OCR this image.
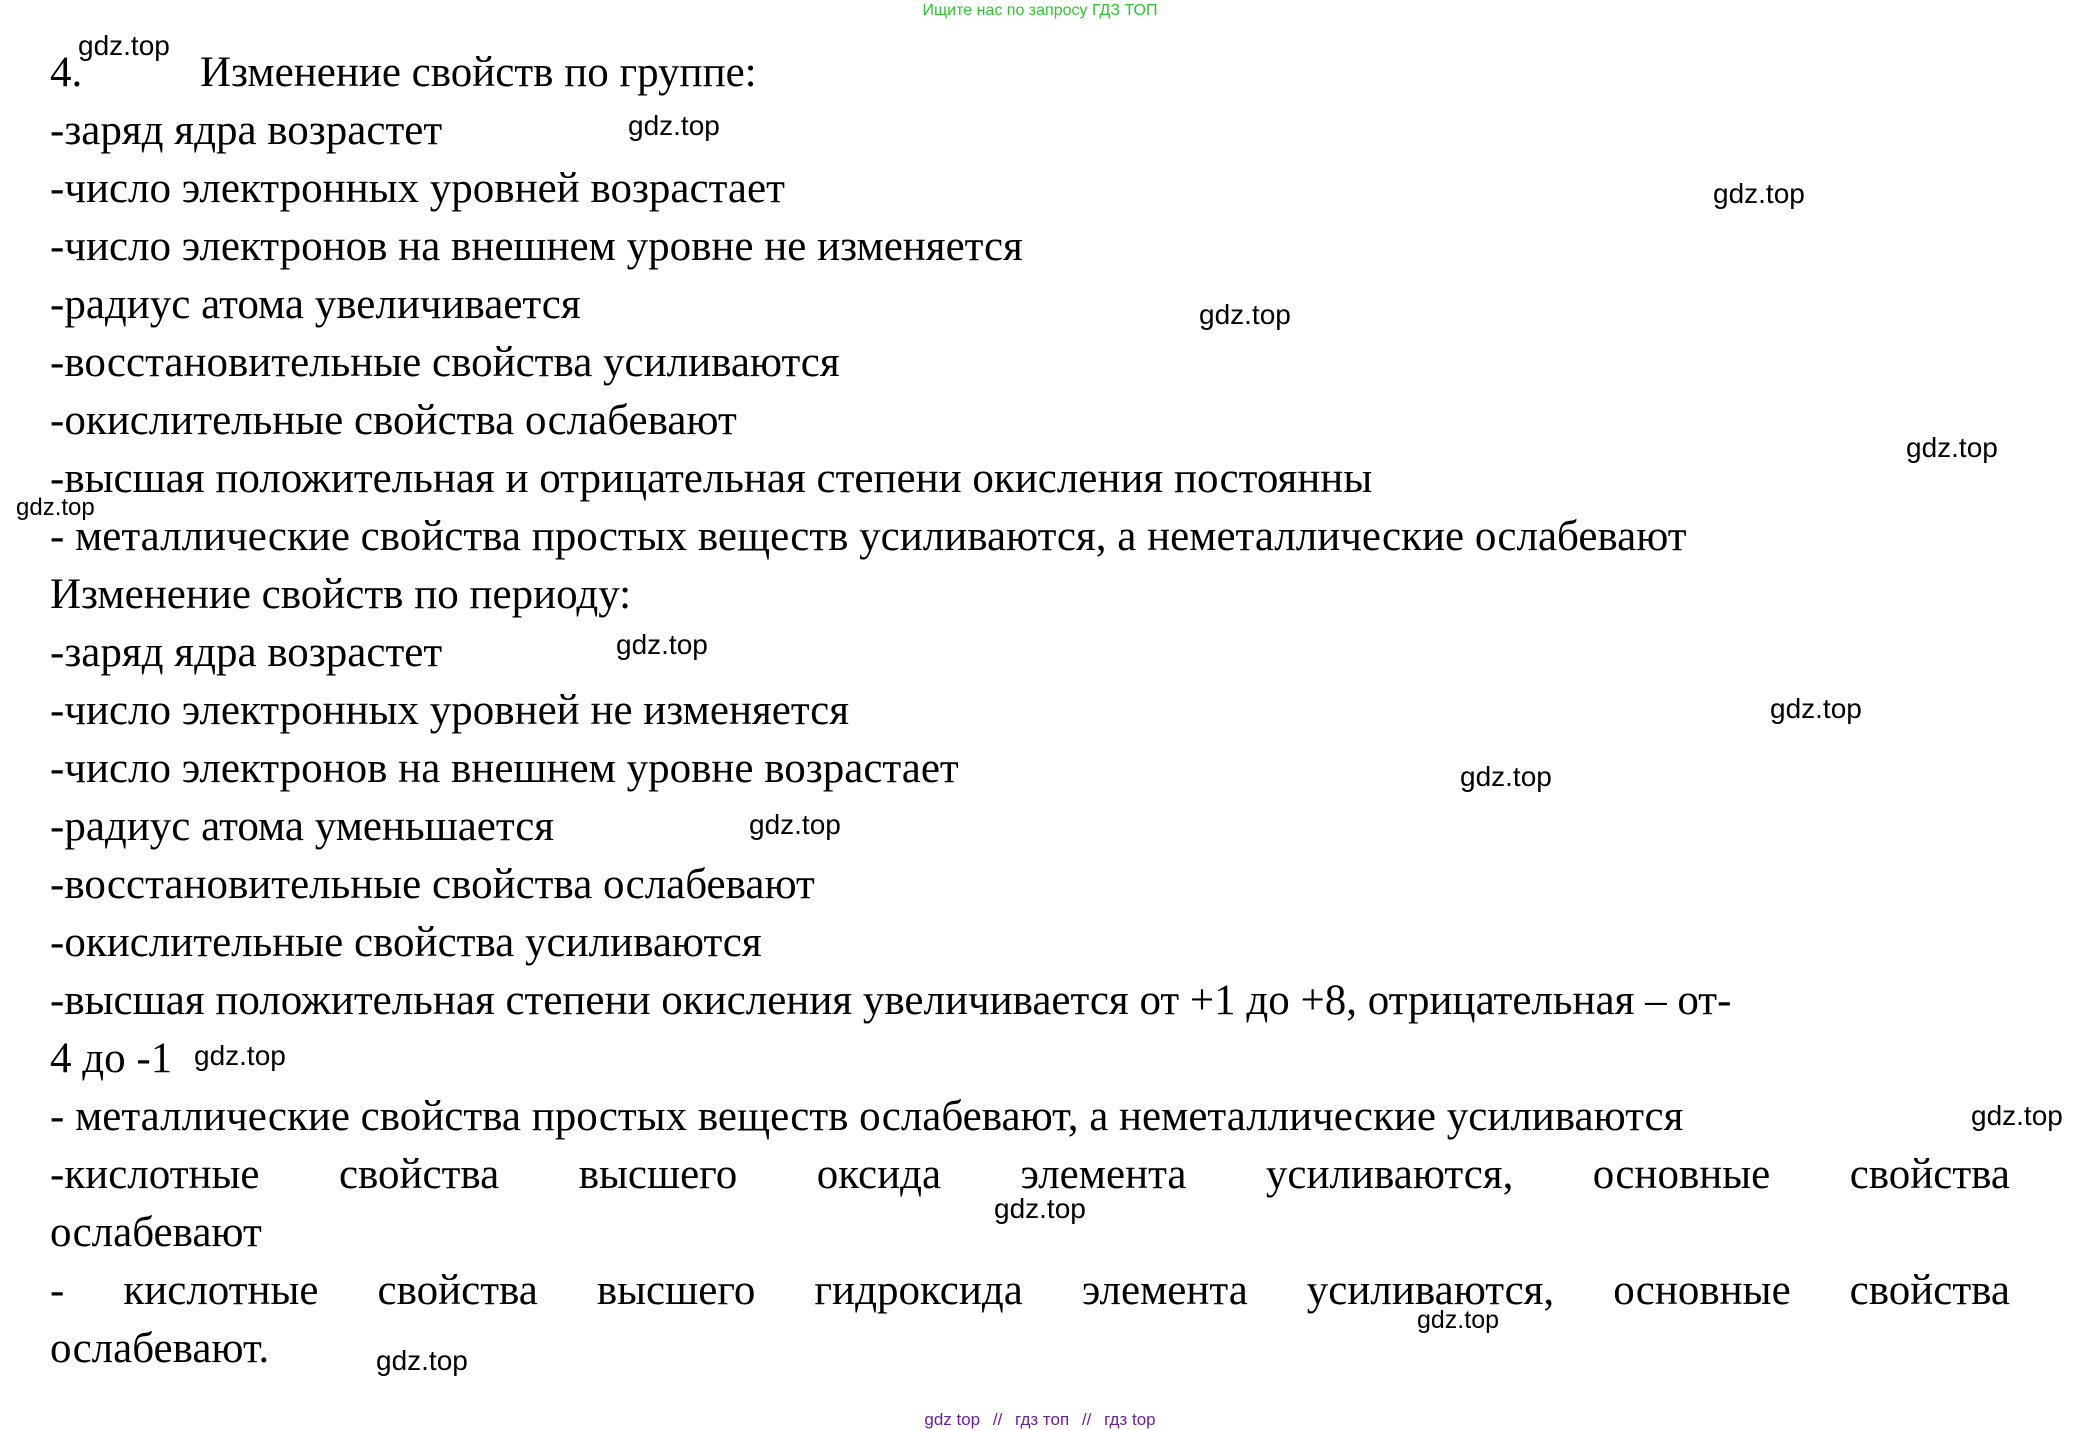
Ищите нас по запросу ГДЗ ТОП
4.	Изменение свойств по группе:
-заряд ядра возрастет
-число электронных уровней возрастает
-число электронов на внешнем уровне не изменяется
-радиус атома увеличивается
-восстановительные свойства усиливаются
-окислительные свойства ослабевают
-высшая положительная и отрицательная степени окисления постоянны
- металлические свойства простых веществ усиливаются, а неметаллические ослабевают
Изменение свойств по периоду:
-заряд ядра возрастет
-число электронных уровней не изменяется
-число электронов на внешнем уровне возрастает
-радиус атома уменьшается
-восстановительные свойства ослабевают
-окислительные свойства усиливаются
-высшая положительная степени окисления увеличивается от +1 до +8, отрицательная – от-
4 до -1
- металлические свойства простых веществ ослабевают, а неметаллические усиливаются
-кислотные свойства высшего оксида элемента усиливаются, основные свойства
ослабевают
- кислотные свойства высшего гидроксида элемента усиливаются, основные свойства
ослабевают.
gdz.top
gdz.top
gdz.top
gdz.top
gdz.top
gdz.top
gdz.top
gdz.top
gdz.top
gdz.top
gdz.top
gdz.top
gdz.top
gdz.top
gdz.top
gdz top // гдз топ // гдз top
